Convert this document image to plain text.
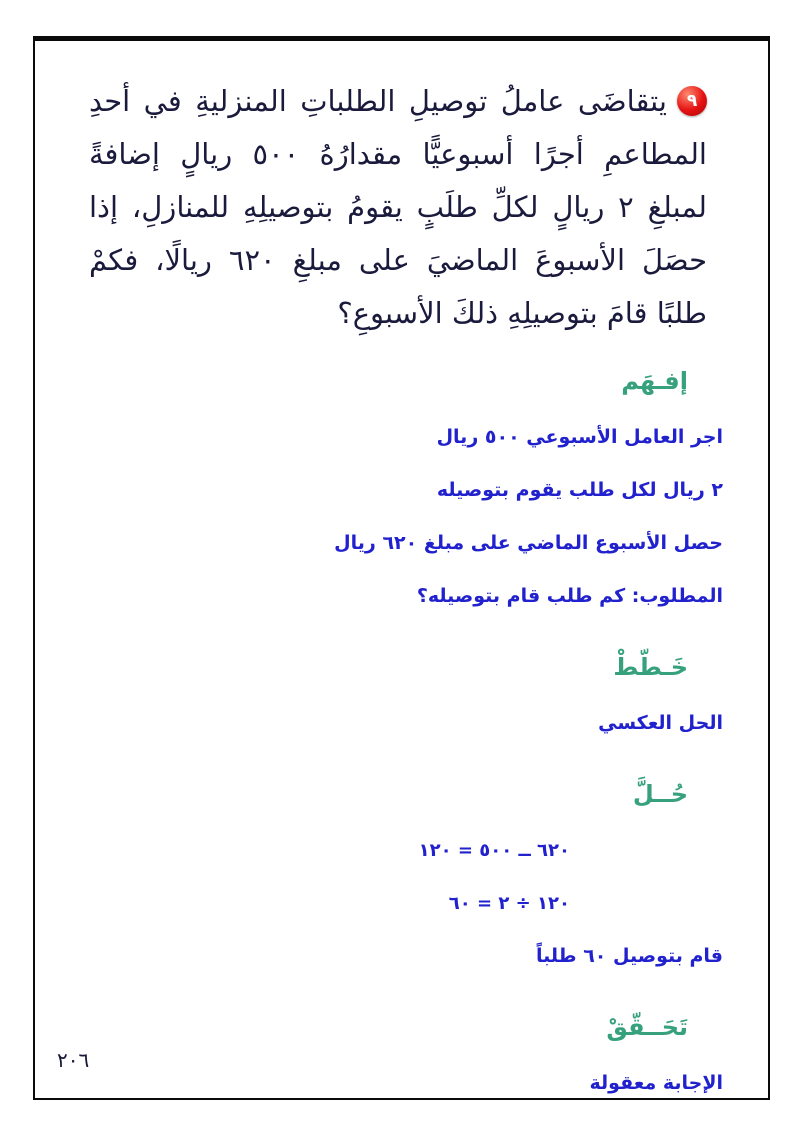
٩
يتقاضَى عاملُ توصيلِ الطلباتِ المنزليةِ في أحدِ المطاعمِ أجرًا أسبوعيًّا مقدارُهُ ٥٠٠ ريالٍ إضافةً لمبلغِ ٢ ريالٍ لكلِّ طلَبٍ يقومُ بتوصيلِهِ للمنازلِ، إذا حصَلَ الأسبوعَ الماضيَ على مبلغِ ٦٢٠ ريالًا، فكمْ طلبًا قامَ بتوصيلِهِ ذلكَ الأسبوعِ؟
إفـهَم

اجر العامل الأسبوعي ٥٠٠ ريال

٢ ريال لكل طلب يقوم بتوصيله

حصل الأسبوع الماضي على مبلغ ٦٢٠ ريال

المطلوب: كم طلب قام بتوصيله؟

خَـطّطْ

الحل العكسي

حُــلَّ

٦٢٠ ــ ٥٠٠ = ١٢٠

١٢٠ ÷ ٢ = ٦٠

قام بتوصيل ٦٠ طلباً

تَحَــقّقْ

الإجابة معقولة

٢٠٦
